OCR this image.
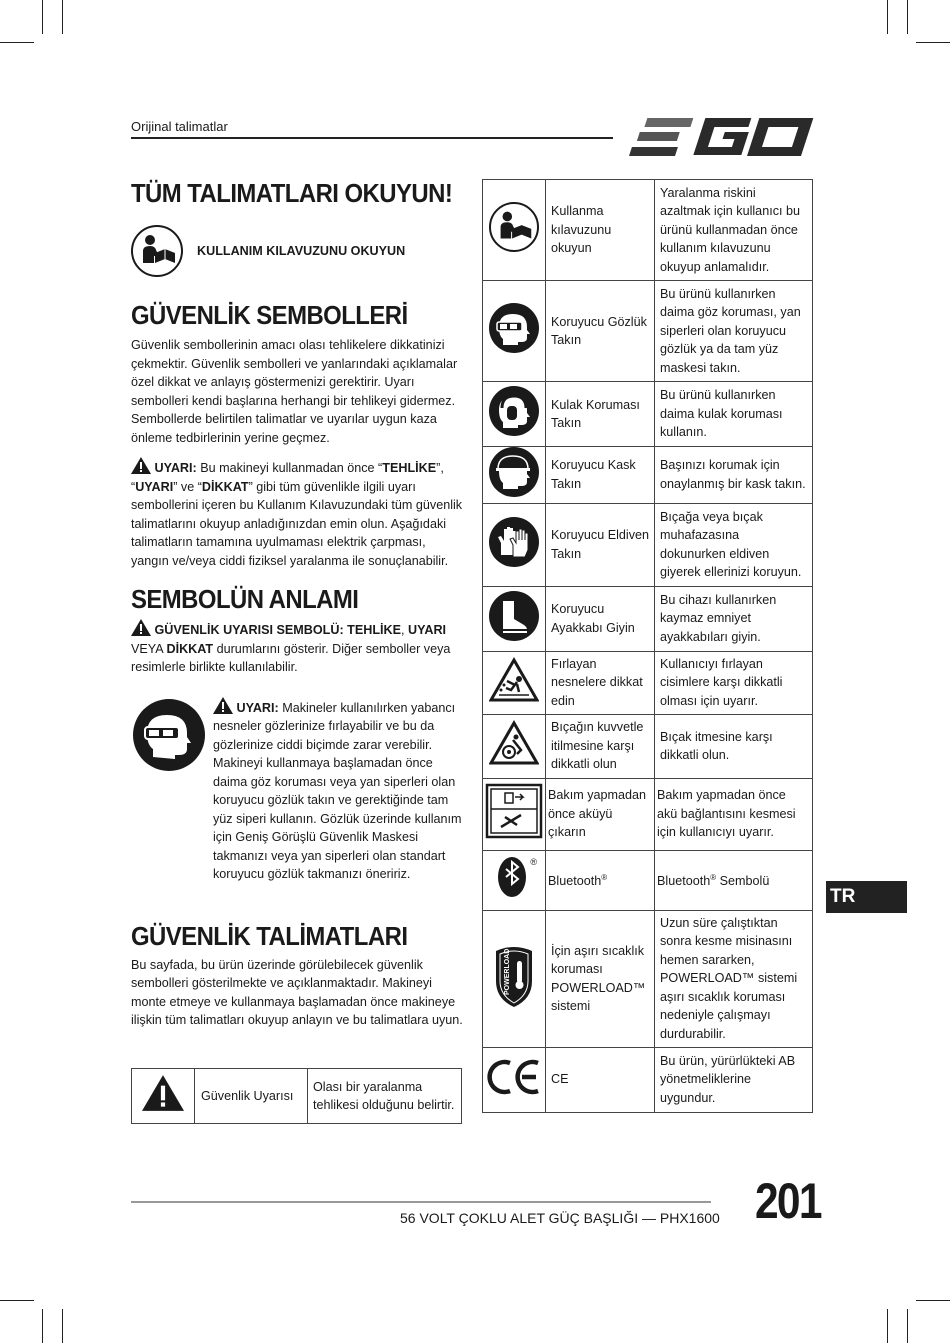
Orijinal talimatlar
TÜM TALIMATLARI OKUYUN!
KULLANIM KILAVUZUNU OKUYUN
GÜVENLİK SEMBOLLERİ

Güvenlik sembollerinin amacı olası tehlikelere dikkatinizi çekmektir. Güvenlik sembolleri ve yanlarındaki açıklamalar özel dikkat ve anlayış göstermenizi gerektirir. Uyarı sembolleri kendi başlarına herhangi bir tehlikeyi gidermez. Sembollerde belirtilen talimatlar ve uyarılar uygun kaza önleme tedbirlerinin yerine geçmez.

UYARI: Bu makineyi kullanmadan önce “TEHLİKE”, “UYARI” ve “DİKKAT” gibi tüm güvenlikle ilgili uyarı sembollerini içeren bu Kullanım Kılavuzundaki tüm güvenlik talimatlarını okuyup anladığınızdan emin olun. Aşağıdaki talimatların tamamına uyulmaması elektrik çarpması, yangın ve/veya ciddi fiziksel yaralanma ile sonuçlanabilir.

SEMBOLÜN ANLAMI

GÜVENLİK UYARISI SEMBOLÜ: TEHLİKE, UYARI VEYA DİKKAT durumlarını gösterir. Diğer semboller veya resimlerle birlikte kullanılabilir.

UYARI: Makineler kullanılırken yabancı nesneler gözlerinize fırlayabilir ve bu da gözlerinize ciddi biçimde zarar verebilir. Makineyi kullanmaya başlamadan önce daima göz koruması veya yan siperleri olan koruyucu gözlük takın ve gerektiğinde tam yüz siperi kullanın. Gözlük üzerinde kullanım için Geniş Görüşlü Güvenlik Maskesi takmanızı veya yan siperleri olan standart koruyucu gözlük takmanızı öneririz.

GÜVENLİK TALİMATLARI

Bu sayfada, bu ürün üzerinde görülebilecek güvenlik sembolleri gösterilmekte ve açıklanmaktadır. Makineyi monte etmeye ve kullanmaya başlamadan önce makineye ilişkin tüm talimatları okuyup anlayın ve bu talimatlara uyun.

	Güvenlik Uyarısı	Olası bir yaralanma tehlikesi olduğunu belirtir.
	Kullanma kılavuzunu okuyun	Yaralanma riskini azaltmak için kullanıcı bu ürünü kullanmadan önce kullanım kılavuzunu okuyup anlamalıdır.

	Koruyucu Gözlük Takın	Bu ürünü kullanırken daima göz koruması, yan siperleri olan koruyucu gözlük ya da tam yüz maskesi takın.

	Kulak Koruması Takın	Bu ürünü kullanırken daima kulak koruması kullanın.

	Koruyucu Kask Takın	Başınızı korumak için onaylanmış bir kask takın.

	Koruyucu Eldiven Takın	Bıçağa veya bıçak muhafazasına dokunurken eldiven giyerek ellerinizi koruyun.

	Koruyucu Ayakkabı Giyin	Bu cihazı kullanırken kaymaz emniyet ayakkabıları giyin.
	Fırlayan nesnelere dikkat edin	Kullanıcıyı fırlayan cisimlere karşı dikkatli olması için uyarır.
	Bıçağın kuvvetle itilmesine karşı dikkatli olun	Bıçak itmesine karşı dikkatli olun.
	Bakım yapmadan önce aküyü çıkarın	Bakım yapmadan önce akü bağlantısını kesmesi için kullanıcıyı uyarır.

®	Bluetooth®	Bluetooth® Sembolü

POWERLOAD	İçin aşırı sıcaklık koruması POWERLOAD™ sistemi	Uzun süre çalıştıktan sonra kesme misinasını hemen sararken, POWERLOAD™ sistemi aşırı sıcaklık koruması nedeniyle çalışmayı durdurabilir.
	CE	Bu ürün, yürürlükteki AB yönetmeliklerine uygundur.
TR
56 VOLT ÇOKLU ALET GÜÇ BAŞLIĞI — PHX1600 201
